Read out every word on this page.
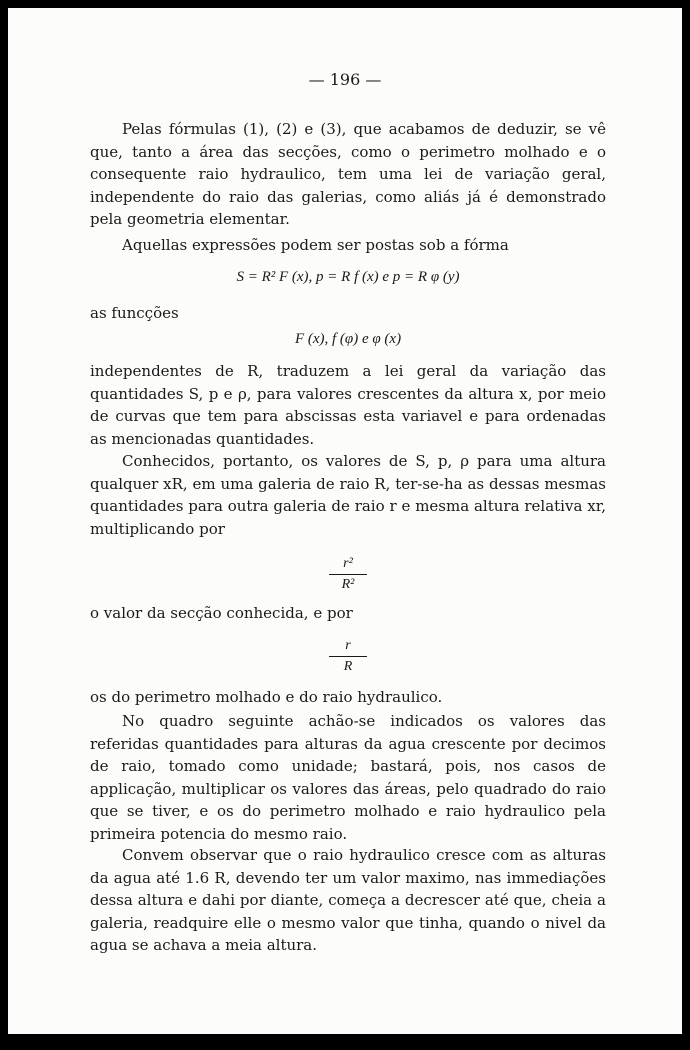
— 196 —

Pelas fórmulas (1), (2) e (3), que acabamos de deduzir, se vê que, tanto a área das secções, como o perimetro molhado e o consequente raio hydraulico, tem uma lei de variação geral, independente do raio das galerias, como aliás já é demonstrado pela geometria elementar.

Aquellas expressões podem ser postas sob a fórma

S = R² F (x), p = R f (x) e p = R φ (y)

as funcções

F (x), f (φ) e φ (x)

independentes de R, traduzem a lei geral da variação das quantidades S, p e ρ, para valores crescentes da altura x, por meio de curvas que tem para abscissas esta variavel e para ordenadas as mencionadas quantidades.

Conhecidos, portanto, os valores de S, p, ρ para uma altura qualquer xR, em uma galeria de raio R, ter-se-ha as dessas mesmas quantidades para outra galeria de raio r e mesma altura relativa xr, multiplicando por

r²
R²

o valor da secção conhecida, e por

r
R

os do perimetro molhado e do raio hydraulico.

No quadro seguinte achão-se indicados os valores das referidas quantidades para alturas da agua crescente por decimos de raio, tomado como unidade; bastará, pois, nos casos de applicação, multiplicar os valores das áreas, pelo quadrado do raio que se tiver, e os do perimetro molhado e raio hydraulico pela primeira potencia do mesmo raio.

Convem observar que o raio hydraulico cresce com as alturas da agua até 1.6 R, devendo ter um valor maximo, nas immediações dessa altura e dahi por diante, começa a decrescer até que, cheia a galeria, readquire elle o mesmo valor que tinha, quando o nivel da agua se achava a meia altura.
